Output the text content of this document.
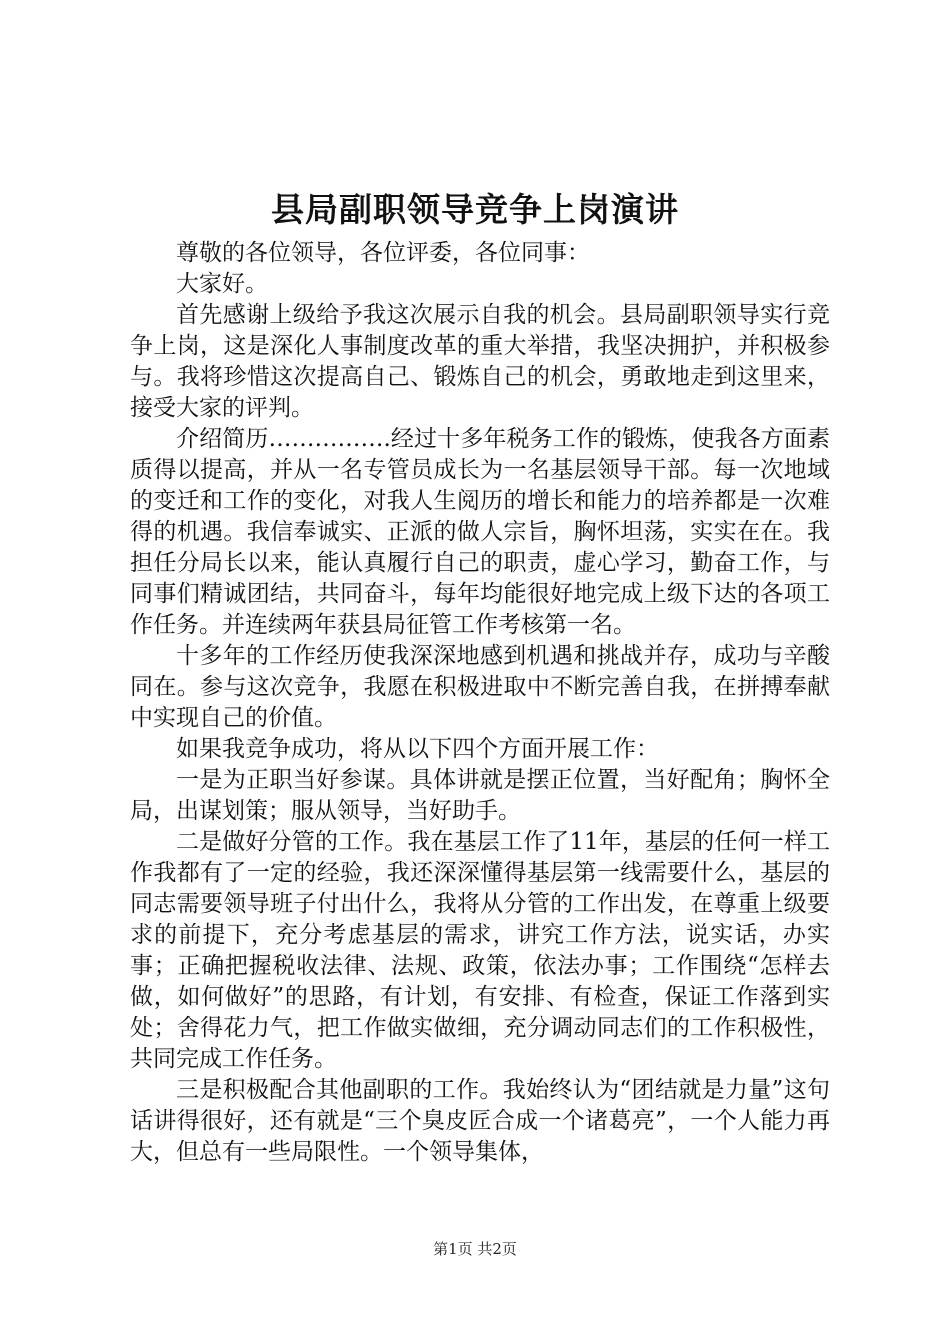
县局副职领导竞争上岗演讲

尊敬的各位领导，各位评委，各位同事：

大家好。

首先感谢上级给予我这次展示自我的机会。县局副职领导实行竞争上岗，这是深化人事制度改革的重大举措，我坚决拥护，并积极参与。我将珍惜这次提高自己、锻炼自己的机会，勇敢地走到这里来，接受大家的评判。

介绍简历…………….经过十多年税务工作的锻炼，使我各方面素质得以提高，并从一名专管员成长为一名基层领导干部。每一次地域的变迁和工作的变化，对我人生阅历的增长和能力的培养都是一次难得的机遇。我信奉诚实、正派的做人宗旨，胸怀坦荡，实实在在。我担任分局长以来，能认真履行自己的职责，虚心学习，勤奋工作，与同事们精诚团结，共同奋斗，每年均能很好地完成上级下达的各项工作任务。并连续两年获县局征管工作考核第一名。

十多年的工作经历使我深深地感到机遇和挑战并存，成功与辛酸同在。参与这次竞争，我愿在积极进取中不断完善自我，在拼搏奉献中实现自己的价值。

如果我竞争成功，将从以下四个方面开展工作：

一是为正职当好参谋。具体讲就是摆正位置，当好配角；胸怀全局，出谋划策；服从领导，当好助手。

二是做好分管的工作。我在基层工作了11年，基层的任何一样工作我都有了一定的经验，我还深深懂得基层第一线需要什么，基层的同志需要领导班子付出什么，我将从分管的工作出发，在尊重上级要求的前提下，充分考虑基层的需求，讲究工作方法，说实话，办实事；正确把握税收法律、法规、政策，依法办事；工作围绕“怎样去做，如何做好”的思路，有计划，有安排、有检查，保证工作落到实处；舍得花力气，把工作做实做细，充分调动同志们的工作积极性，共同完成工作任务。

三是积极配合其他副职的工作。我始终认为“团结就是力量”这句话讲得很好，还有就是“三个臭皮匠合成一个诸葛亮”，一个人能力再大，但总有一些局限性。一个领导集体，

第1页 共2页
